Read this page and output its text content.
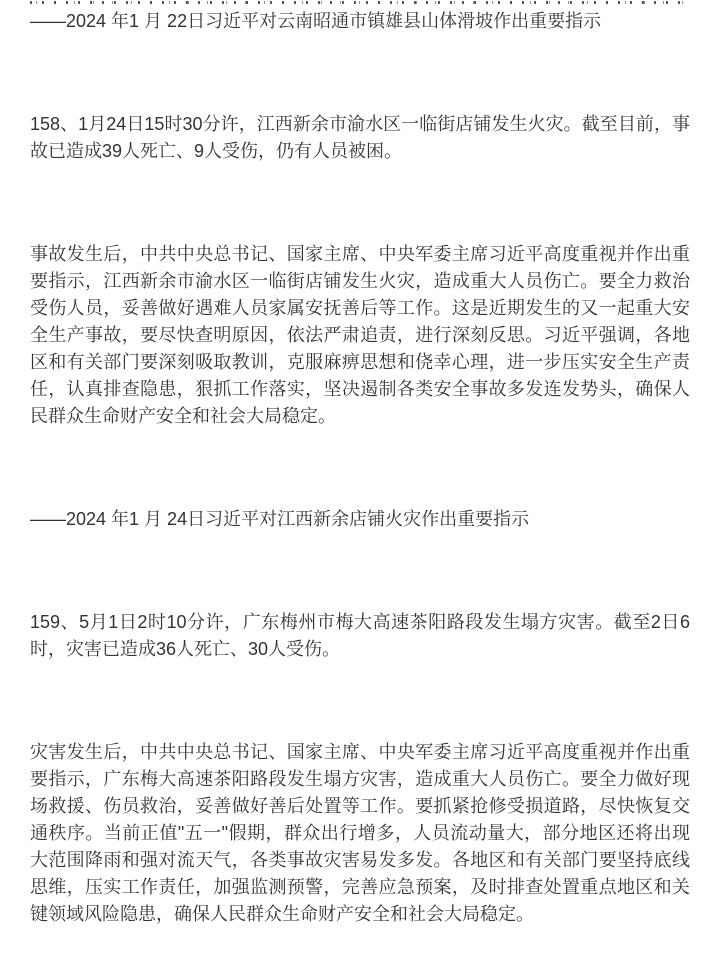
——2024 年1 月 22日习近平对云南昭通市镇雄县山体滑坡作出重要指示

158、1月24日15时30分许，江西新余市渝水区一临街店铺发生火灾。截至目前，事故已造成39人死亡、9人受伤，仍有人员被困。

事故发生后，中共中央总书记、国家主席、中央军委主席习近平高度重视并作出重要指示，江西新余市渝水区一临街店铺发生火灾，造成重大人员伤亡。要全力救治受伤人员，妥善做好遇难人员家属安抚善后等工作。这是近期发生的又一起重大安全生产事故，要尽快查明原因，依法严肃追责，进行深刻反思。习近平强调，各地区和有关部门要深刻吸取教训，克服麻痹思想和侥幸心理，进一步压实安全生产责任，认真排查隐患，狠抓工作落实，坚决遏制各类安全事故多发连发势头，确保人民群众生命财产安全和社会大局稳定。

——2024 年1 月 24日习近平对江西新余店铺火灾作出重要指示

159、5月1日2时10分许，广东梅州市梅大高速茶阳路段发生塌方灾害。截至2日6时，灾害已造成36人死亡、30人受伤。

灾害发生后，中共中央总书记、国家主席、中央军委主席习近平高度重视并作出重要指示，广东梅大高速茶阳路段发生塌方灾害，造成重大人员伤亡。要全力做好现场救援、伤员救治，妥善做好善后处置等工作。要抓紧抢修受损道路，尽快恢复交通秩序。当前正值"五一"假期，群众出行增多，人员流动量大，部分地区还将出现大范围降雨和强对流天气，各类事故灾害易发多发。各地区和有关部门要坚持底线思维，压实工作责任，加强监测预警，完善应急预案，及时排查处置重点地区和关键领域风险隐患，确保人民群众生命财产安全和社会大局稳定。
